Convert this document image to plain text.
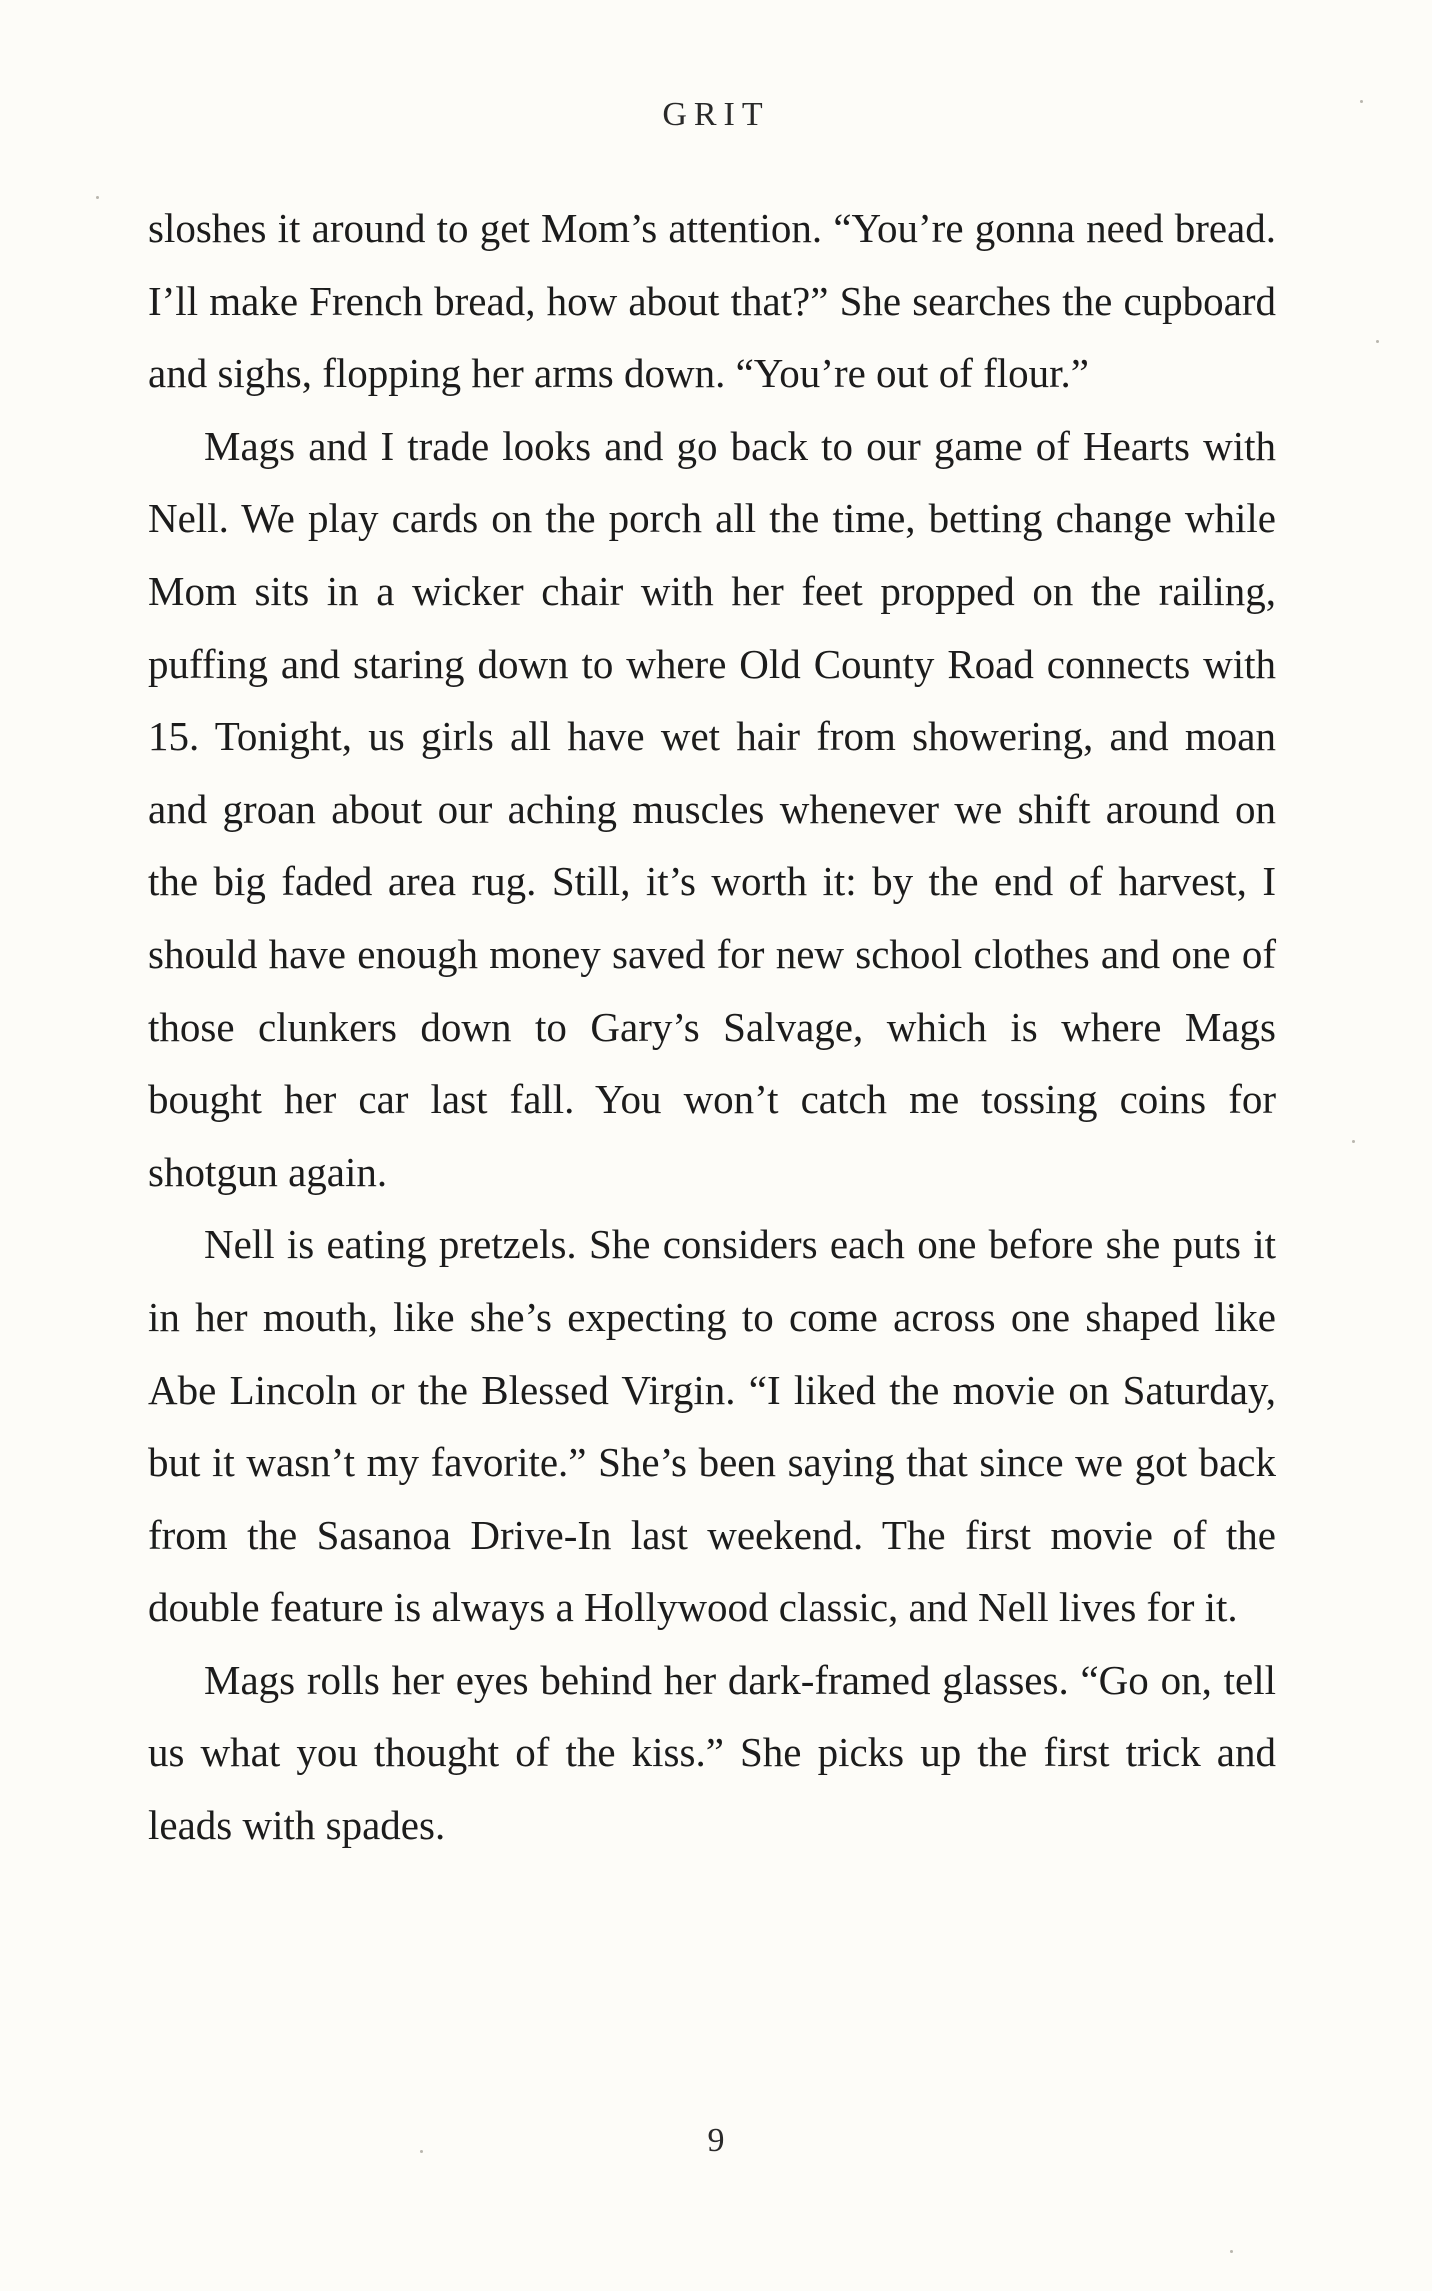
GRIT

sloshes it around to get Mom’s attention. “You’re gonna need bread. I’ll make French bread, how about that?” She searches the cupboard and sighs, flopping her arms down. “You’re out of flour.”

Mags and I trade looks and go back to our game of Hearts with Nell. We play cards on the porch all the time, betting change while Mom sits in a wicker chair with her feet propped on the railing, puffing and staring down to where Old County Road connects with 15. Tonight, us girls all have wet hair from showering, and moan and groan about our aching muscles whenever we shift around on the big faded area rug. Still, it’s worth it: by the end of harvest, I should have enough money saved for new school clothes and one of those clunkers down to Gary’s Salvage, which is where Mags bought her car last fall. You won’t catch me tossing coins for shotgun again.

Nell is eating pretzels. She considers each one before she puts it in her mouth, like she’s expecting to come across one shaped like Abe Lincoln or the Blessed Virgin. “I liked the movie on Saturday, but it wasn’t my favorite.” She’s been saying that since we got back from the Sasanoa Drive-In last weekend. The first movie of the double feature is always a Hollywood classic, and Nell lives for it.

Mags rolls her eyes behind her dark-framed glasses. “Go on, tell us what you thought of the kiss.” She picks up the first trick and leads with spades.

9
